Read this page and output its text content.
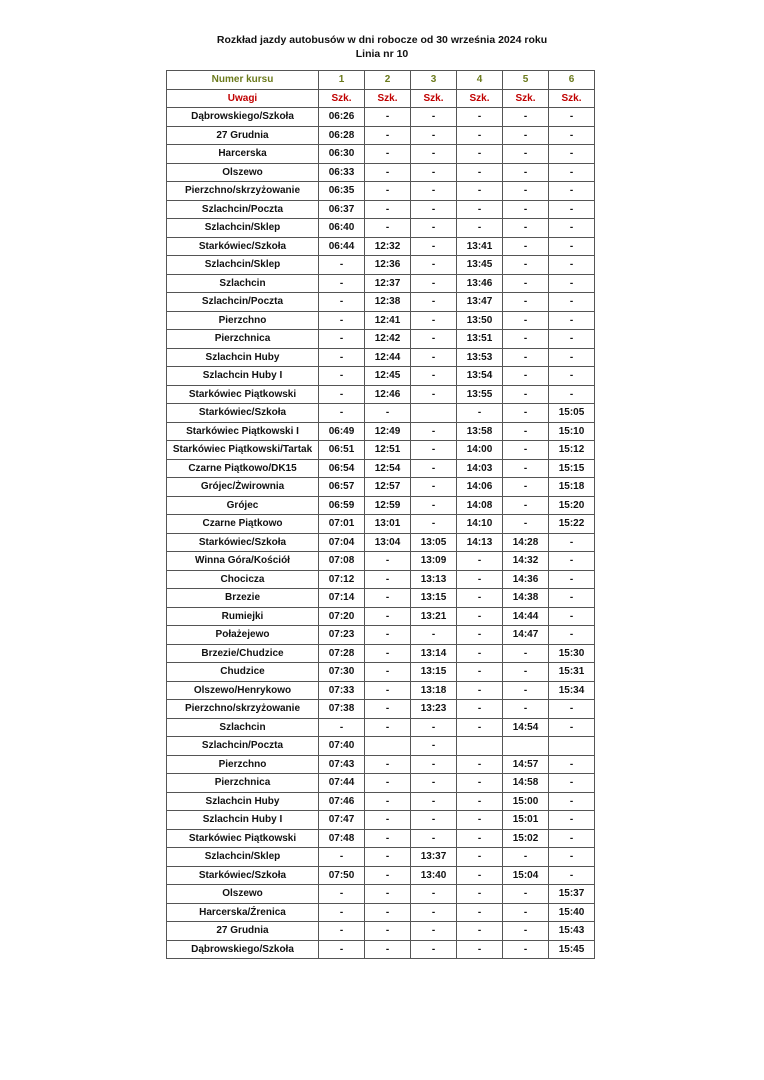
Rozkład jazdy autobusów w dni robocze od 30 września 2024 roku
Linia nr 10
Numer kursu	1	2	3	4	5	6
Uwagi	Szk.	Szk.	Szk.	Szk.	Szk.	Szk.
Dąbrowskiego/Szkoła	06:26	-	-	-	-	-
27 Grudnia	06:28	-	-	-	-	-
Harcerska	06:30	-	-	-	-	-
Olszewo	06:33	-	-	-	-	-
Pierzchno/skrzyżowanie	06:35	-	-	-	-	-
Szlachcin/Poczta	06:37	-	-	-	-	-
Szlachcin/Sklep	06:40	-	-	-	-	-
Starkówiec/Szkoła	06:44	12:32	-	13:41	-	-
Szlachcin/Sklep	-	12:36	-	13:45	-	-
Szlachcin	-	12:37	-	13:46	-	-
Szlachcin/Poczta	-	12:38	-	13:47	-	-
Pierzchno	-	12:41	-	13:50	-	-
Pierzchnica	-	12:42	-	13:51	-	-
Szlachcin Huby	-	12:44	-	13:53	-	-
Szlachcin Huby I	-	12:45	-	13:54	-	-
Starkówiec Piątkowski	-	12:46	-	13:55	-	-
Starkówiec/Szkoła	-	-		-	-	15:05
Starkówiec Piątkowski I	06:49	12:49	-	13:58	-	15:10
Starkówiec Piątkowski/Tartak	06:51	12:51	-	14:00	-	15:12
Czarne Piątkowo/DK15	06:54	12:54	-	14:03	-	15:15
Grójec/Żwirownia	06:57	12:57	-	14:06	-	15:18
Grójec	06:59	12:59	-	14:08	-	15:20
Czarne Piątkowo	07:01	13:01	-	14:10	-	15:22
Starkówiec/Szkoła	07:04	13:04	13:05	14:13	14:28	-
Winna Góra/Kościół	07:08	-	13:09	-	14:32	-
Chocicza	07:12	-	13:13	-	14:36	-
Brzezie	07:14	-	13:15	-	14:38	-
Rumiejki	07:20	-	13:21	-	14:44	-
Połażejewo	07:23	-	-	-	14:47	-
Brzezie/Chudzice	07:28	-	13:14	-	-	15:30
Chudzice	07:30	-	13:15	-	-	15:31
Olszewo/Henrykowo	07:33	-	13:18	-	-	15:34
Pierzchno/skrzyżowanie	07:38	-	13:23	-	-	-
Szlachcin	-	-	-	-	14:54	-
Szlachcin/Poczta	07:40		-			
Pierzchno	07:43	-	-	-	14:57	-
Pierzchnica	07:44	-	-	-	14:58	-
Szlachcin Huby	07:46	-	-	-	15:00	-
Szlachcin Huby I	07:47	-	-	-	15:01	-
Starkówiec Piątkowski	07:48	-	-	-	15:02	-
Szlachcin/Sklep	-	-	13:37	-	-	-
Starkówiec/Szkoła	07:50	-	13:40	-	15:04	-
Olszewo	-	-	-	-	-	15:37
Harcerska/Źrenica	-	-	-	-	-	15:40
27 Grudnia	-	-	-	-	-	15:43
Dąbrowskiego/Szkoła	-	-	-	-	-	15:45
